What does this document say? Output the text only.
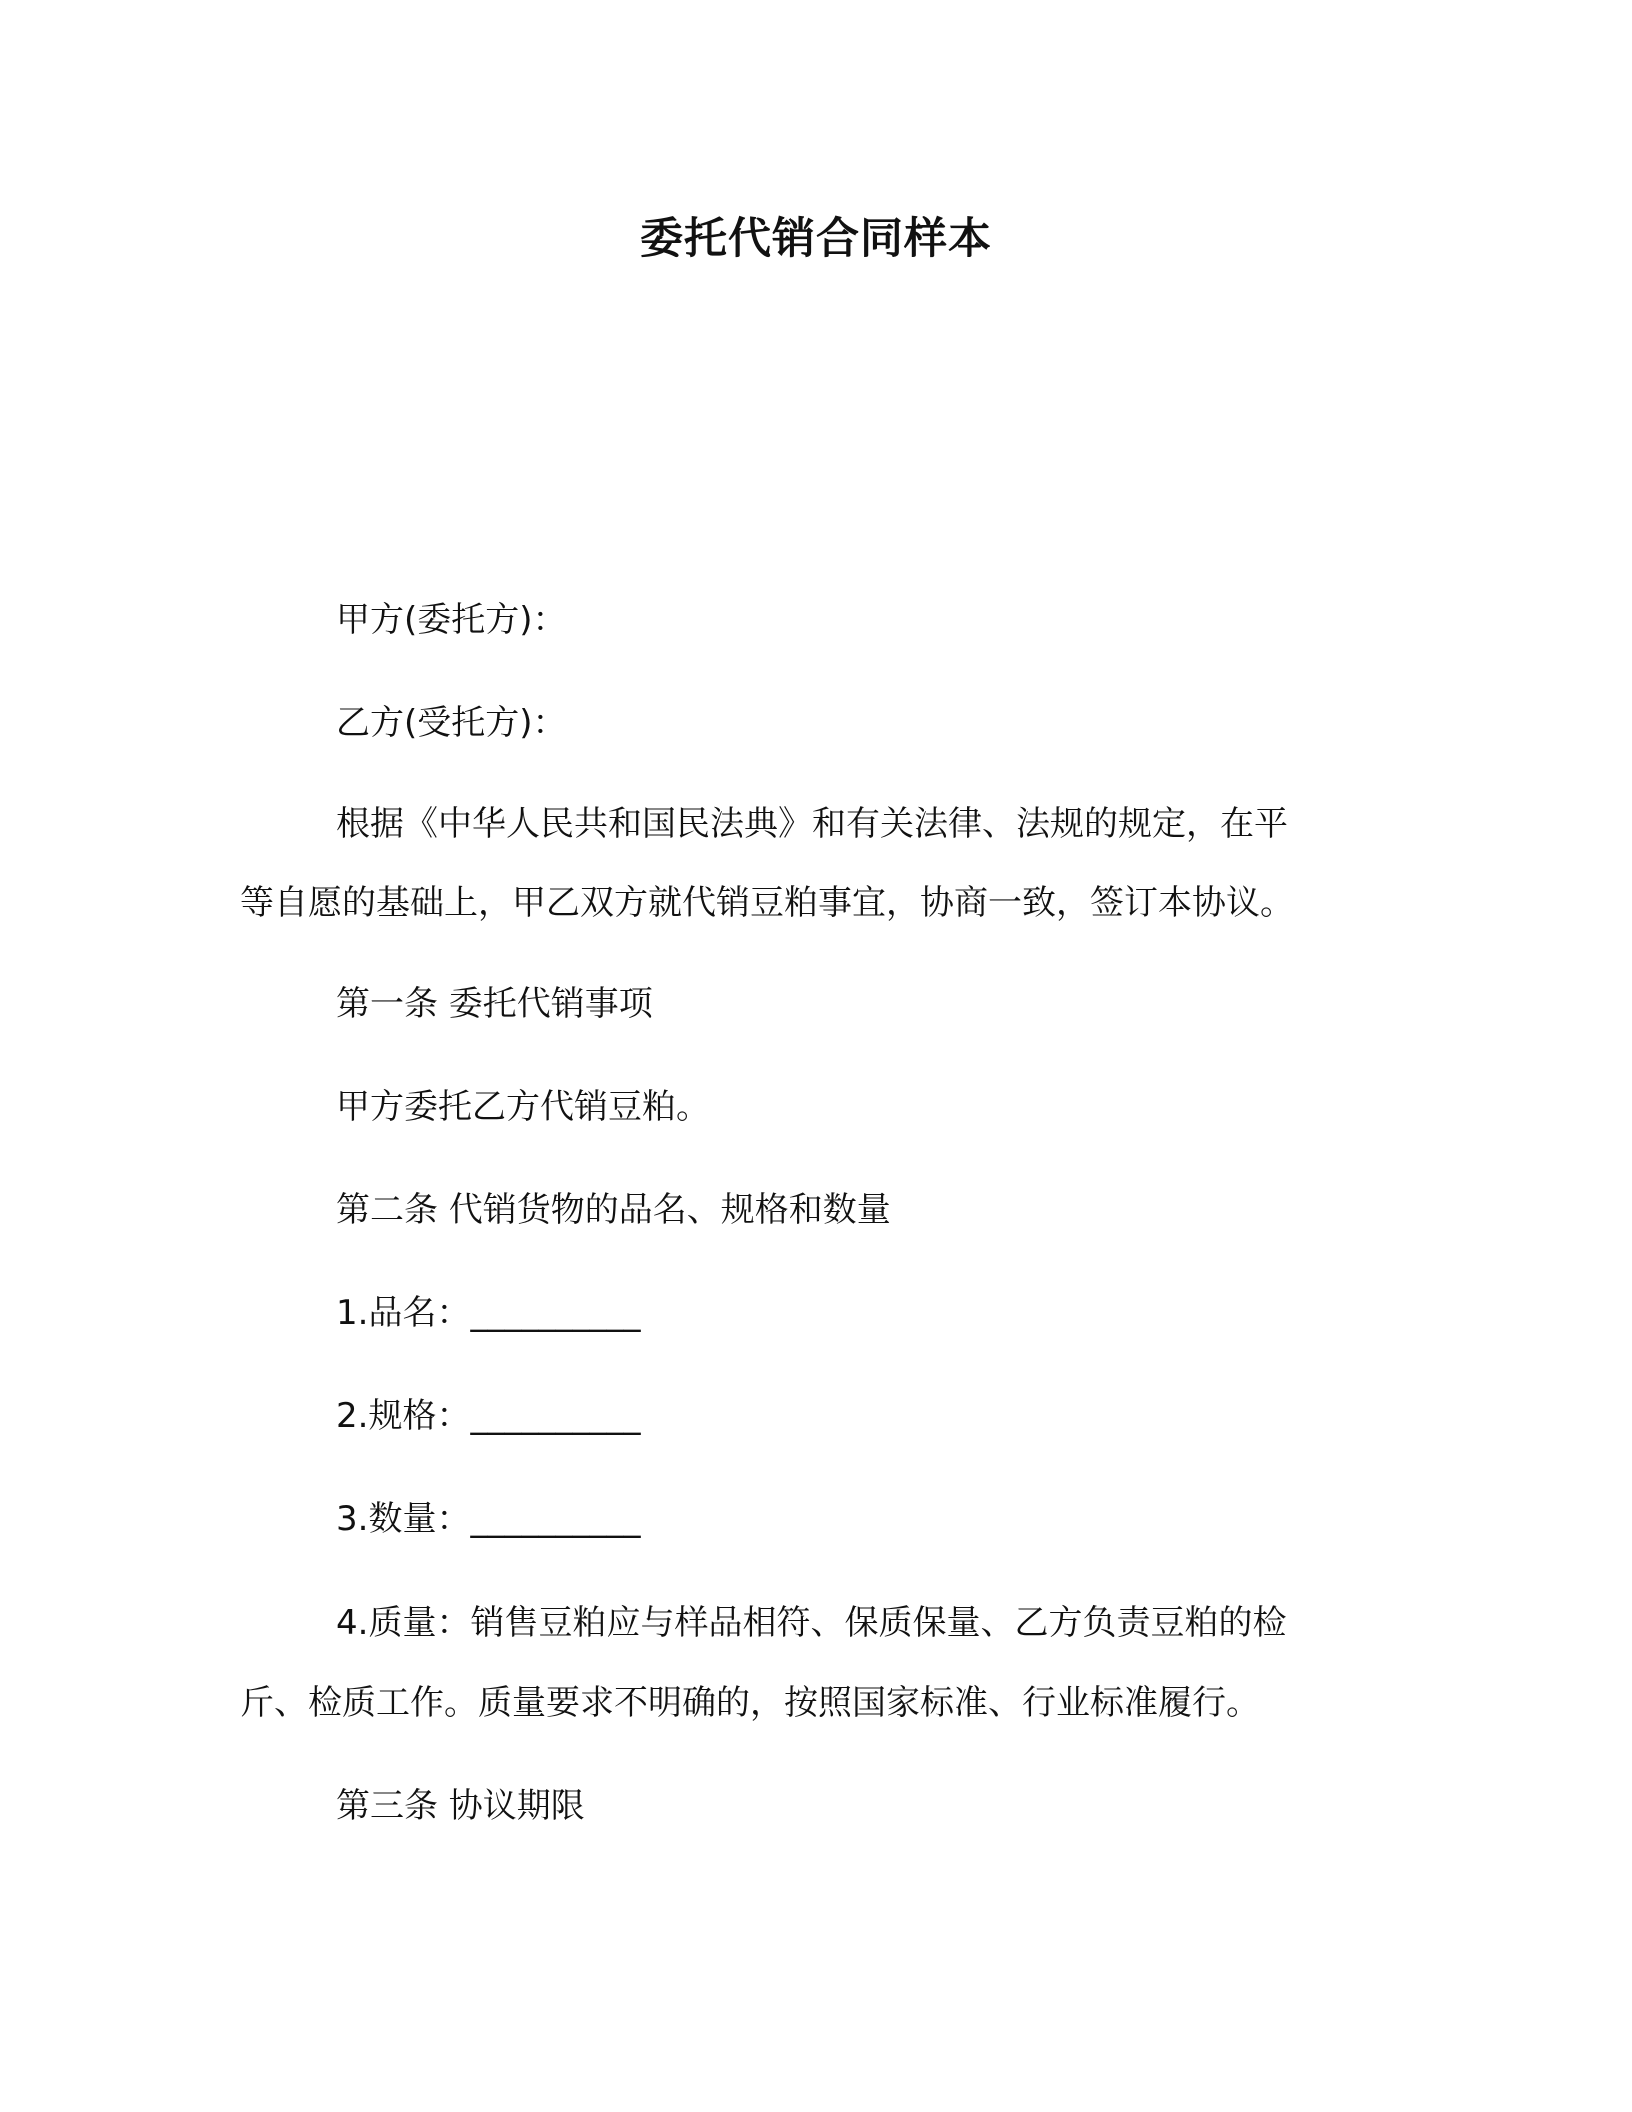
委托代销合同样本
甲方(委托方)：
乙方(受托方)：
根据《中华人民共和国民法典》和有关法律、法规的规定，在平
等自愿的基础上，甲乙双方就代销豆粕事宜，协商一致，签订本协议。
第一条 委托代销事项
甲方委托乙方代销豆粕。
第二条 代销货物的品名、规格和数量
1.品名：__________
2.规格：__________
3.数量：__________
4.质量：销售豆粕应与样品相符、保质保量、乙方负责豆粕的检
斤、检质工作。质量要求不明确的，按照国家标准、行业标准履行。
第三条 协议期限
